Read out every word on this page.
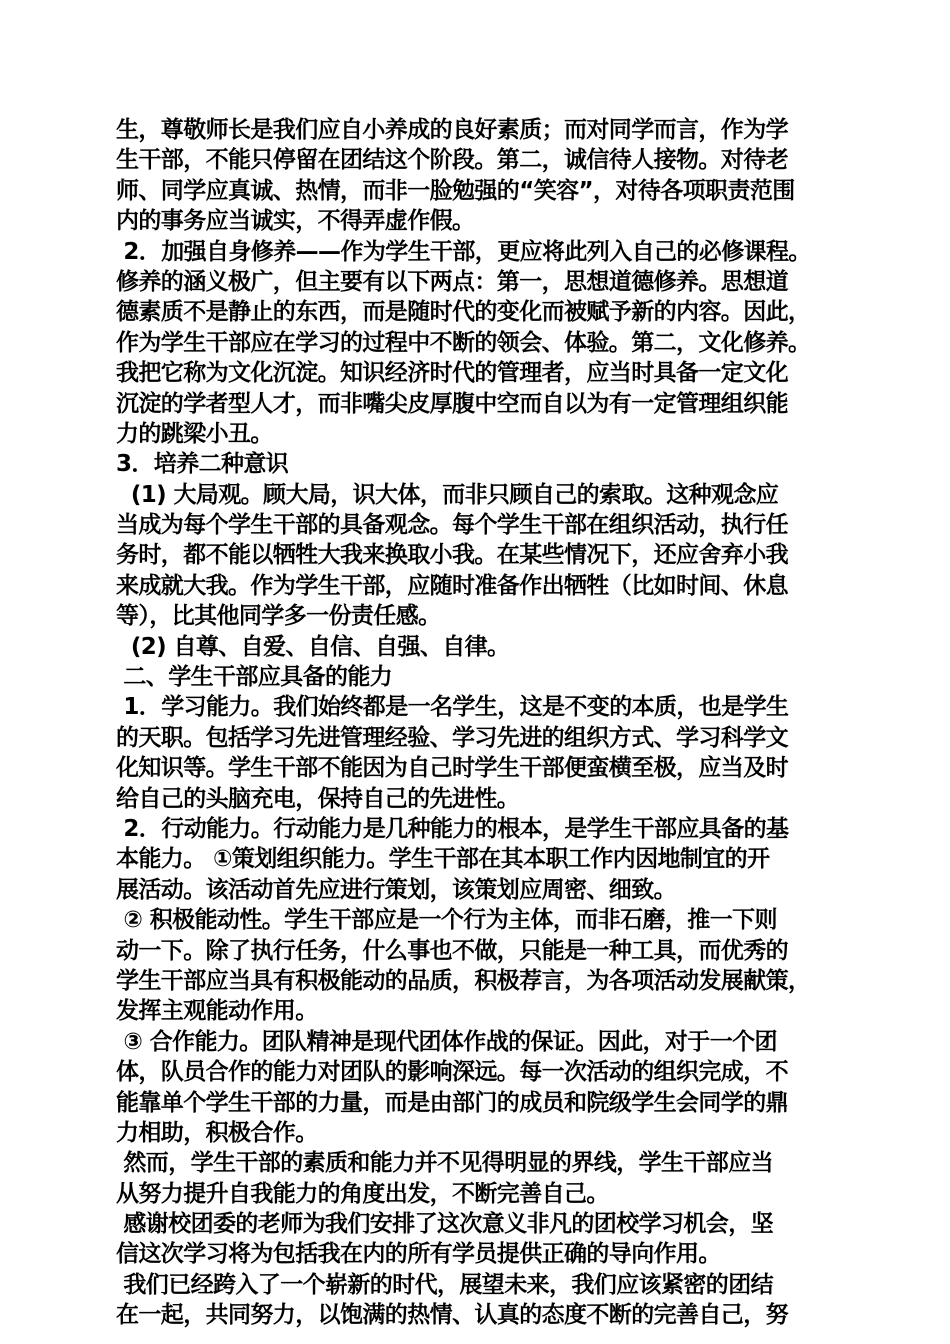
生，尊敬师长是我们应自小养成的良好素质；而对同学而言，作为学
生干部，不能只停留在团结这个阶段。第二，诚信待人接物。对待老
师、同学应真诚、热情，而非一脸勉强的“笑容”，对待各项职责范围
内的事务应当诚实，不得弄虚作假。
2．加强自身修养——作为学生干部，更应将此列入自己的必修课程。
修养的涵义极广，但主要有以下两点：第一，思想道德修养。思想道
德素质不是静止的东西，而是随时代的变化而被赋予新的内容。因此，
作为学生干部应在学习的过程中不断的领会、体验。第二，文化修养。
我把它称为文化沉淀。知识经济时代的管理者，应当时具备一定文化
沉淀的学者型人才，而非嘴尖皮厚腹中空而自以为有一定管理组织能
力的跳梁小丑。
3．培养二种意识
(1) 大局观。顾大局，识大体，而非只顾自己的索取。这种观念应
当成为每个学生干部的具备观念。每个学生干部在组织活动，执行任
务时，都不能以牺牲大我来换取小我。在某些情况下，还应舍弃小我
来成就大我。作为学生干部，应随时准备作出牺牲（比如时间、休息
等），比其他同学多一份责任感。
(2) 自尊、自爱、自信、自强、自律。
二、学生干部应具备的能力
1．学习能力。我们始终都是一名学生，这是不变的本质，也是学生
的天职。包括学习先进管理经验、学习先进的组织方式、学习科学文
化知识等。学生干部不能因为自己时学生干部便蛮横至极，应当及时
给自己的头脑充电，保持自己的先进性。
2．行动能力。行动能力是几种能力的根本，是学生干部应具备的基
本能力。 ①策划组织能力。学生干部在其本职工作内因地制宜的开
展活动。该活动首先应进行策划，该策划应周密、细致。
② 积极能动性。学生干部应是一个行为主体，而非石磨，推一下则
动一下。除了执行任务，什么事也不做，只能是一种工具，而优秀的
学生干部应当具有积极能动的品质，积极荐言，为各项活动发展献策，
发挥主观能动作用。
③ 合作能力。团队精神是现代团体作战的保证。因此，对于一个团
体，队员合作的能力对团队的影响深远。每一次活动的组织完成，不
能靠单个学生干部的力量，而是由部门的成员和院级学生会同学的鼎
力相助，积极合作。
然而，学生干部的素质和能力并不见得明显的界线，学生干部应当
从努力提升自我能力的角度出发，不断完善自己。
感谢校团委的老师为我们安排了这次意义非凡的团校学习机会，坚
信这次学习将为包括我在内的所有学员提供正确的导向作用。
我们已经跨入了一个崭新的时代，展望未来，我们应该紧密的团结
在一起，共同努力，以饱满的热情、认真的态度不断的完善自己，努
